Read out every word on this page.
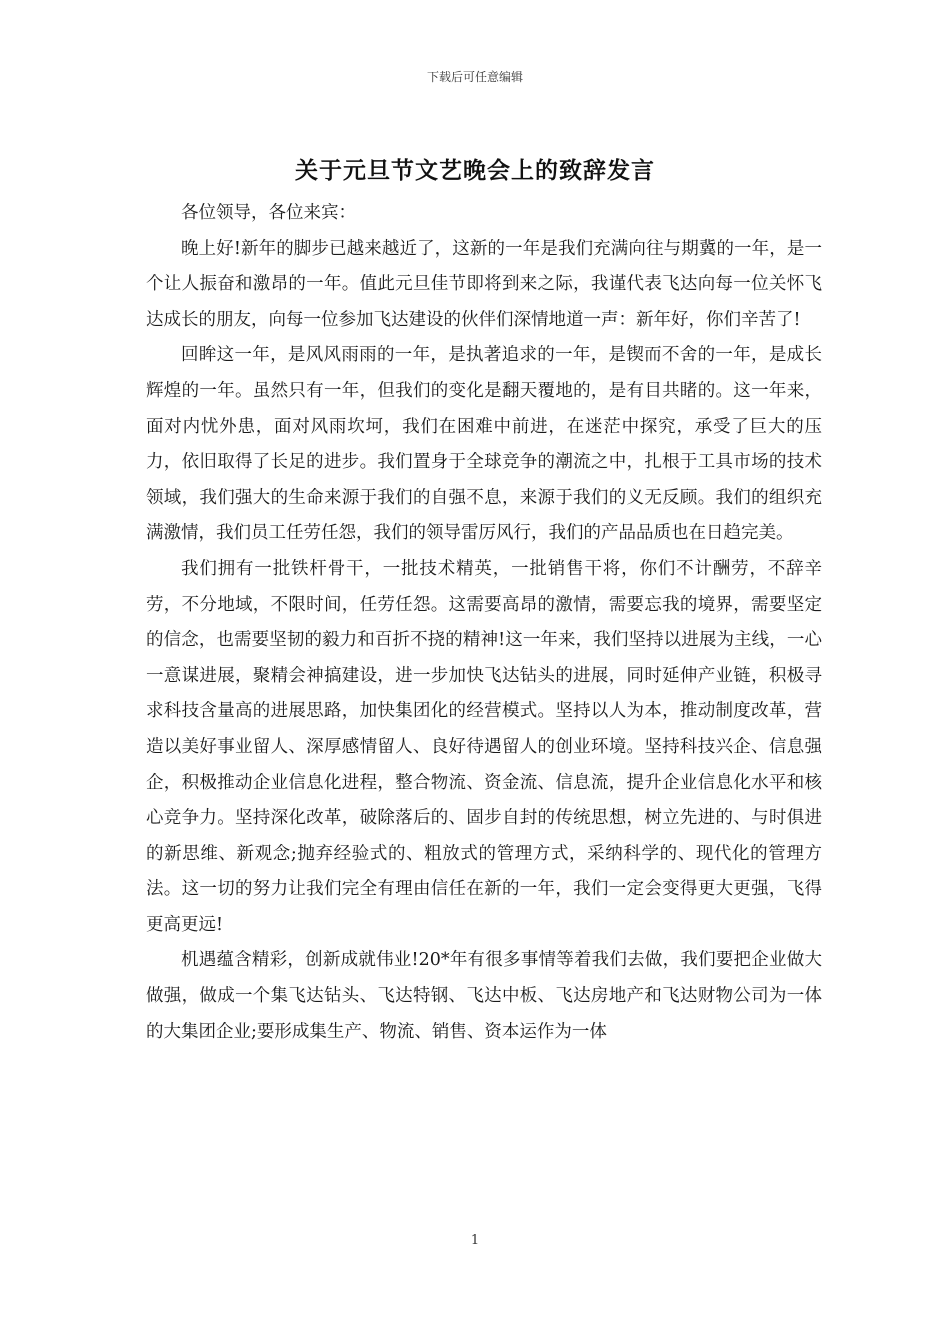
下载后可任意编辑
关于元旦节文艺晚会上的致辞发言

各位领导，各位来宾：

晚上好!新年的脚步已越来越近了，这新的一年是我们充满向往与期冀的一年，是一个让人振奋和激昂的一年。值此元旦佳节即将到来之际，我谨代表飞达向每一位关怀飞达成长的朋友，向每一位参加飞达建设的伙伴们深情地道一声：新年好，你们辛苦了!

回眸这一年，是风风雨雨的一年，是执著追求的一年，是锲而不舍的一年，是成长辉煌的一年。虽然只有一年，但我们的变化是翻天覆地的，是有目共睹的。这一年来，面对内忧外患，面对风雨坎坷，我们在困难中前进，在迷茫中探究，承受了巨大的压力，依旧取得了长足的进步。我们置身于全球竞争的潮流之中，扎根于工具市场的技术领域，我们强大的生命来源于我们的自强不息，来源于我们的义无反顾。我们的组织充满激情，我们员工任劳任怨，我们的领导雷厉风行，我们的产品品质也在日趋完美。

我们拥有一批铁杆骨干，一批技术精英，一批销售干将，你们不计酬劳，不辞辛劳，不分地域，不限时间，任劳任怨。这需要高昂的激情，需要忘我的境界，需要坚定的信念，也需要坚韧的毅力和百折不挠的精神!这一年来，我们坚持以进展为主线，一心一意谋进展，聚精会神搞建设，进一步加快飞达钻头的进展，同时延伸产业链，积极寻求科技含量高的进展思路，加快集团化的经营模式。坚持以人为本，推动制度改革，营造以美好事业留人、深厚感情留人、良好待遇留人的创业环境。坚持科技兴企、信息强企，积极推动企业信息化进程，整合物流、资金流、信息流，提升企业信息化水平和核心竞争力。坚持深化改革，破除落后的、固步自封的传统思想，树立先进的、与时俱进的新思维、新观念;抛弃经验式的、粗放式的管理方式，采纳科学的、现代化的管理方法。这一切的努力让我们完全有理由信任在新的一年，我们一定会变得更大更强，飞得更高更远!

机遇蕴含精彩，创新成就伟业!20*年有很多事情等着我们去做，我们要把企业做大做强，做成一个集飞达钻头、飞达特钢、飞达中板、飞达房地产和飞达财物公司为一体的大集团企业;要形成集生产、物流、销售、资本运作为一体

1
